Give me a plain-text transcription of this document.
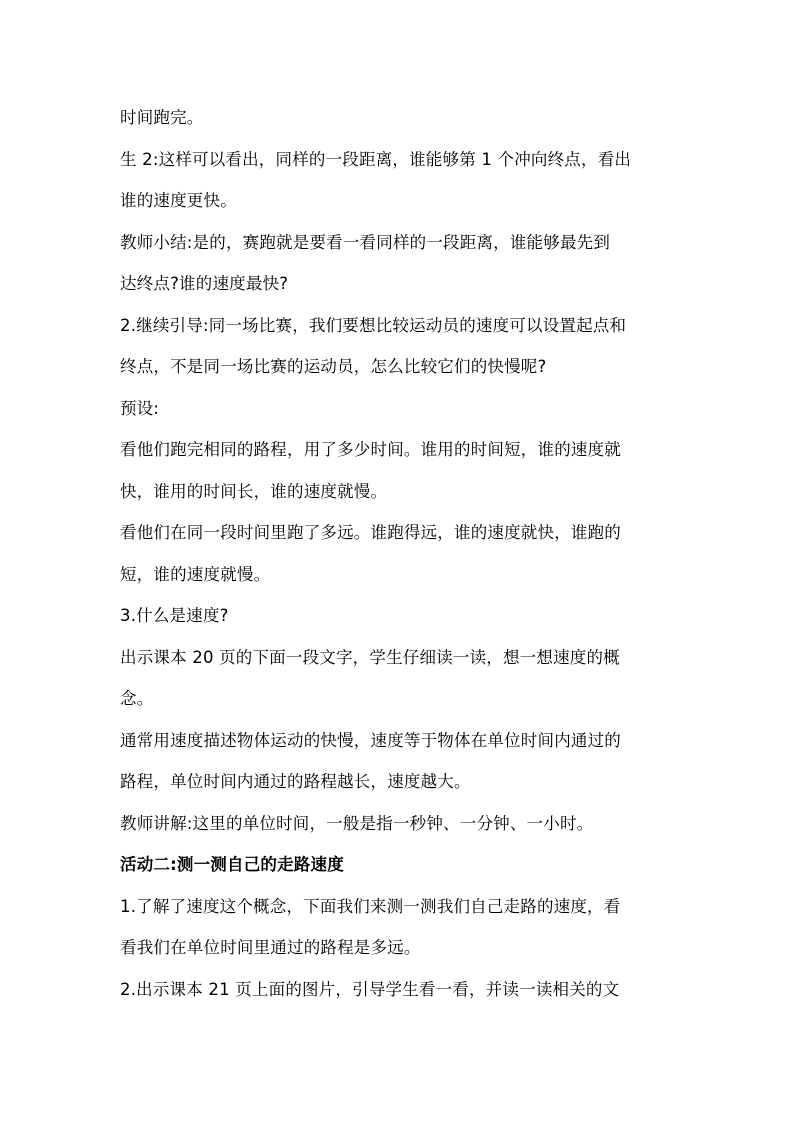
时间跑完。
生 2:这样可以看出，同样的一段距离，谁能够第 1 个冲向终点，看出
谁的速度更快。
教师小结:是的，赛跑就是要看一看同样的一段距离，谁能够最先到
达终点?谁的速度最快?
2.继续引导:同一场比赛，我们要想比较运动员的速度可以设置起点和
终点，不是同一场比赛的运动员，怎么比较它们的快慢呢?
预设:
看他们跑完相同的路程，用了多少时间。谁用的时间短，谁的速度就
快，谁用的时间长，谁的速度就慢。
看他们在同一段时间里跑了多远。谁跑得远，谁的速度就快，谁跑的
短，谁的速度就慢。
3.什么是速度?
出示课本 20 页的下面一段文字，学生仔细读一读，想一想速度的概
念。
通常用速度描述物体运动的快慢，速度等于物体在单位时间内通过的
路程，单位时间内通过的路程越长，速度越大。
教师讲解:这里的单位时间，一般是指一秒钟、一分钟、一小时。
活动二:测一测自己的走路速度
1.了解了速度这个概念，下面我们来测一测我们自己走路的速度，看
看我们在单位时间里通过的路程是多远。
2.出示课本 21 页上面的图片，引导学生看一看，并读一读相关的文
